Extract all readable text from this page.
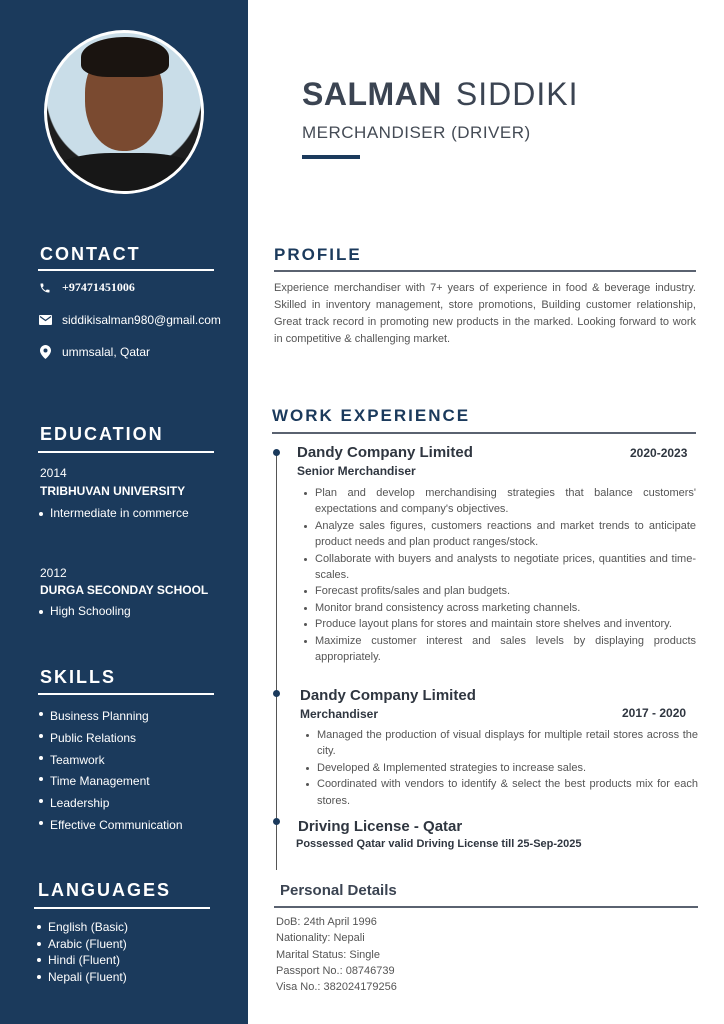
CONTACT
+97471451006
siddikisalman980@gmail.com
ummsalal, Qatar
EDUCATION
2014
TRIBHUVAN UNIVERSITY
Intermediate in commerce
2012
DURGA SECONDAY SCHOOL
High Schooling
SKILLS
Business Planning
Public Relations
Teamwork
Time Management
Leadership
Effective Communication
LANGUAGES
English (Basic)
Arabic (Fluent)
Hindi (Fluent)
Nepali (Fluent)
SALMAN SIDDIKI
MERCHANDISER (DRIVER)
PROFILE

Experience merchandiser with 7+ years of experience in food & beverage industry. Skilled in inventory management, store promotions, Building customer relationship, Great track record in promoting new products in the marked. Looking forward to work in competitive & challenging market.

WORK EXPERIENCE
Dandy Company Limited	2020-2023
Senior Merchandiser
Plan and develop merchandising strategies that balance customers' expectations and company's objectives.
Analyze sales figures, customers reactions and market trends to anticipate product needs and plan product ranges/stock.
Collaborate with buyers and analysts to negotiate prices, quantities and time-scales.
Forecast profits/sales and plan budgets.
Monitor brand consistency across marketing channels.
Produce layout plans for stores and maintain store shelves and inventory.
Maximize customer interest and sales levels by displaying products appropriately.
Dandy Company Limited
2017 - 2020
Merchandiser
Managed the production of visual displays for multiple retail stores across the city.
Developed & Implemented strategies to increase sales.
Coordinated with vendors to identify & select the best products mix for each stores.
Driving License - Qatar
Possessed Qatar valid Driving License till 25-Sep-2025
Personal Details
DoB: 24th April 1996
Nationality: Nepali
Marital Status: Single
Passport No.: 08746739
Visa No.: 382024179256
